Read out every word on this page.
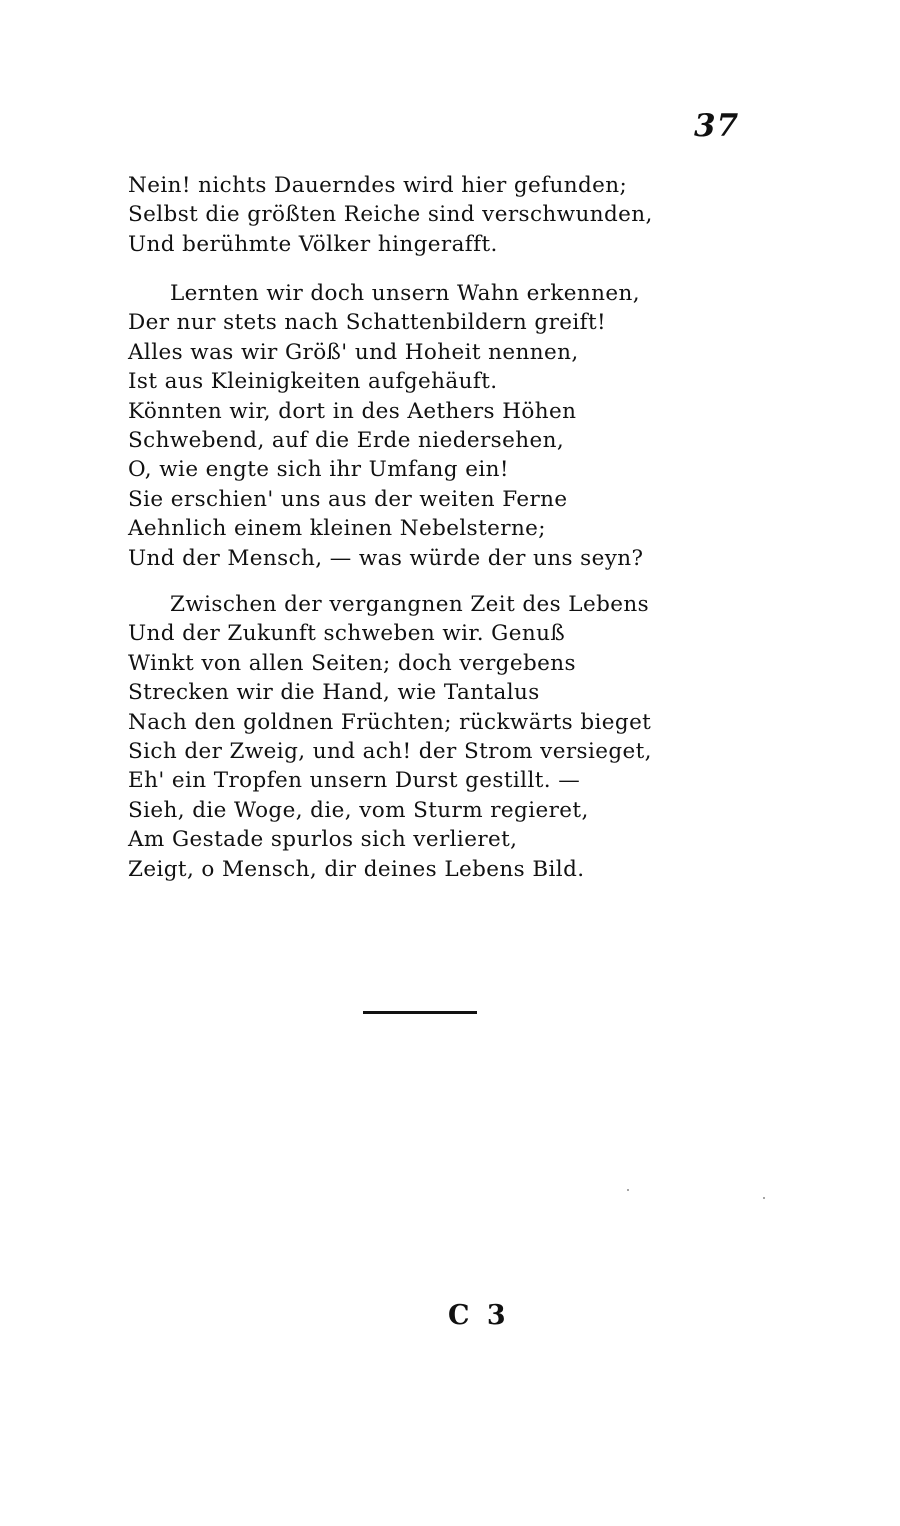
37
Nein! nichts Dauerndes wird hier gefunden;
Selbst die größten Reiche sind verschwunden,
Und berühmte Völker hingerafft.
Lernten wir doch unsern Wahn erkennen,
Der nur stets nach Schattenbildern greift!
Alles was wir Größ' und Hoheit nennen,
Ist aus Kleinigkeiten aufgehäuft.
Könnten wir, dort in des Aethers Höhen
Schwebend, auf die Erde niedersehen,
O, wie engte sich ihr Umfang ein!
Sie erschien' uns aus der weiten Ferne
Aehnlich einem kleinen Nebelsterne;
Und der Mensch, — was würde der uns seyn?
Zwischen der vergangnen Zeit des Lebens
Und der Zukunft schweben wir. Genuß
Winkt von allen Seiten; doch vergebens
Strecken wir die Hand, wie Tantalus
Nach den goldnen Früchten; rückwärts bieget
Sich der Zweig, und ach! der Strom versieget,
Eh' ein Tropfen unsern Durst gestillt. —
Sieh, die Woge, die, vom Sturm regieret,
Am Gestade spurlos sich verlieret,
Zeigt, o Mensch, dir deines Lebens Bild.
C 3
